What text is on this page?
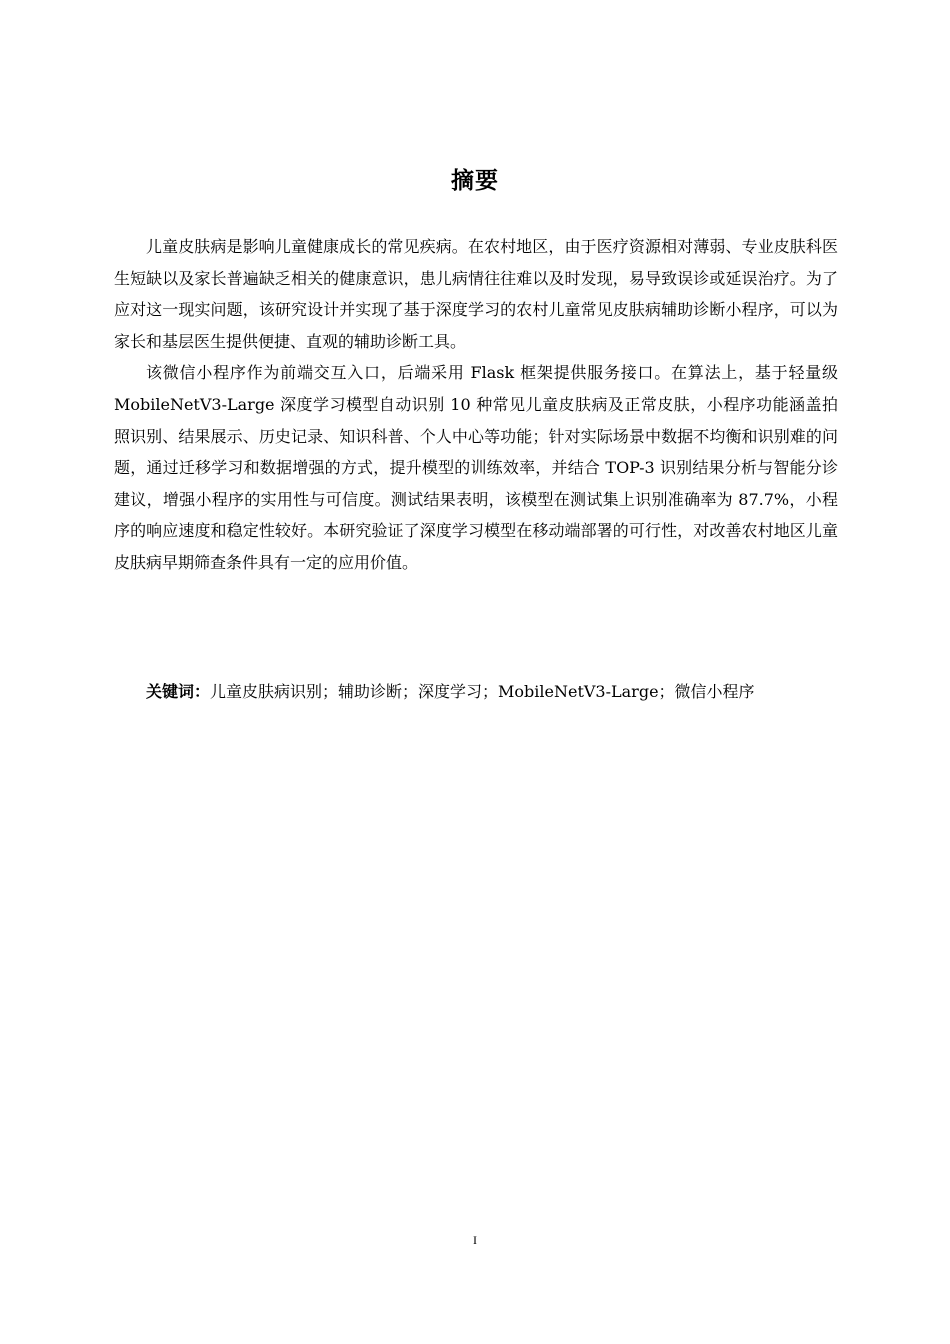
摘要

儿童皮肤病是影响儿童健康成长的常见疾病。在农村地区，由于医疗资源相对薄弱、专业皮肤科医生短缺以及家长普遍缺乏相关的健康意识，患儿病情往往难以及时发现，易导致误诊或延误治疗。为了应对这一现实问题，该研究设计并实现了基于深度学习的农村儿童常见皮肤病辅助诊断小程序，可以为家长和基层医生提供便捷、直观的辅助诊断工具。

该微信小程序作为前端交互入口，后端采用 Flask 框架提供服务接口。在算法上，基于轻量级 MobileNetV3-Large 深度学习模型自动识别 10 种常见儿童皮肤病及正常皮肤，小程序功能涵盖拍照识别、结果展示、历史记录、知识科普、个人中心等功能；针对实际场景中数据不均衡和识别难的问题，通过迁移学习和数据增强的方式，提升模型的训练效率，并结合 TOP-3 识别结果分析与智能分诊建议，增强小程序的实用性与可信度。测试结果表明，该模型在测试集上识别准确率为 87.7%，小程序的响应速度和稳定性较好。本研究验证了深度学习模型在移动端部署的可行性，对改善农村地区儿童皮肤病早期筛查条件具有一定的应用价值。

关键词：儿童皮肤病识别；辅助诊断；深度学习；MobileNetV3-Large；微信小程序
I
